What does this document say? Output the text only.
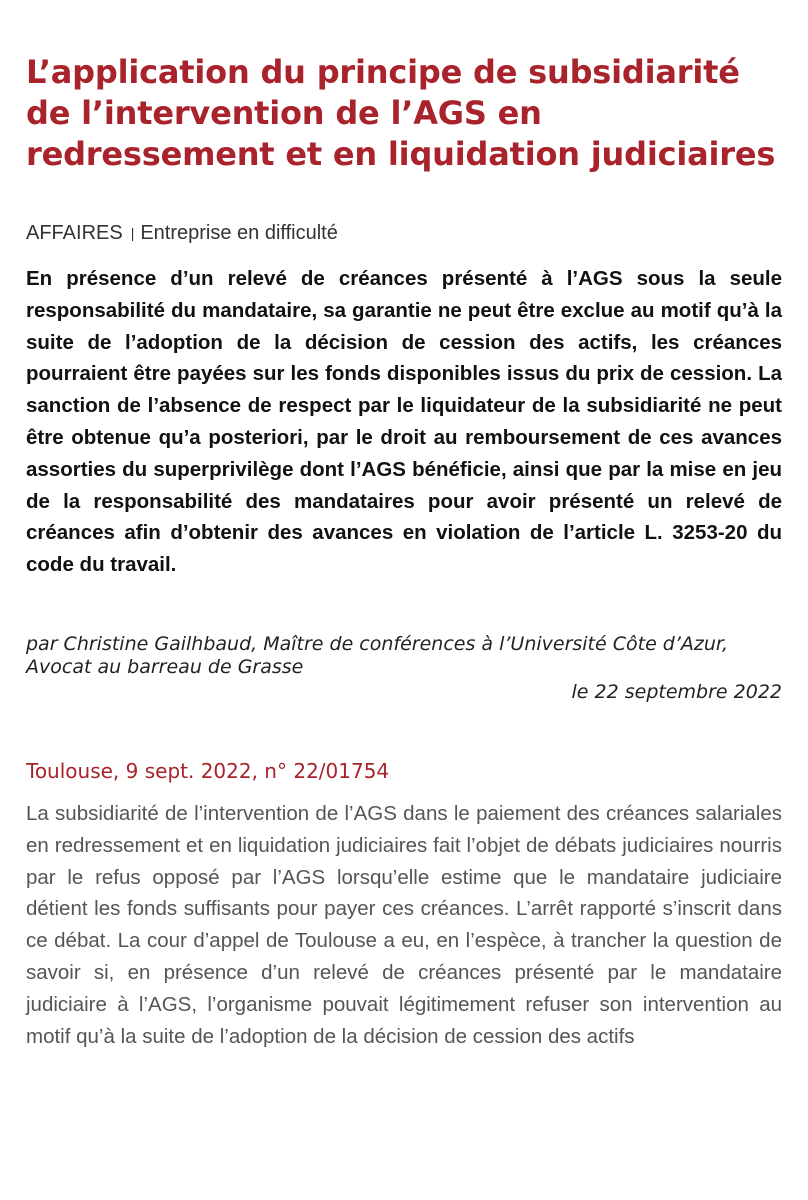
L’application du principe de subsidiarité de l’intervention de l’AGS en redressement et en liquidation judiciaires
AFFAIRES | Entreprise en difficulté

En présence d’un relevé de créances présenté à l’AGS sous la seule responsabilité du mandataire, sa garantie ne peut être exclue au motif qu’à la suite de l’adoption de la décision de cession des actifs, les créances pourraient être payées sur les fonds disponibles issus du prix de cession. La sanction de l’absence de respect par le liquidateur de la subsidiarité ne peut être obtenue qu’a posteriori, par le droit au remboursement de ces avances assorties du superprivilège dont l’AGS bénéficie, ainsi que par la mise en jeu de la responsabilité des mandataires pour avoir présenté un relevé de créances afin d’obtenir des avances en violation de l’article L. 3253-20 du code du travail.

par Christine Gailhbaud, Maître de conférences à l’Université Côte d’Azur, Avocat au barreau de Grasse
le 22 septembre 2022
Toulouse, 9 sept. 2022, n° 22/01754

La subsidiarité de l’intervention de l’AGS dans le paiement des créances salariales en redressement et en liquidation judiciaires fait l’objet de débats judiciaires nourris par le refus opposé par l’AGS lorsqu’elle estime que le mandataire judiciaire détient les fonds suffisants pour payer ces créances. L’arrêt rapporté s’inscrit dans ce débat. La cour d’appel de Toulouse a eu, en l’espèce, à trancher la question de savoir si, en présence d’un relevé de créances présenté par le mandataire judiciaire à l’AGS, l’organisme pouvait légitimement refuser son intervention au motif qu’à la suite de l’adoption de la décision de cession des actifs
